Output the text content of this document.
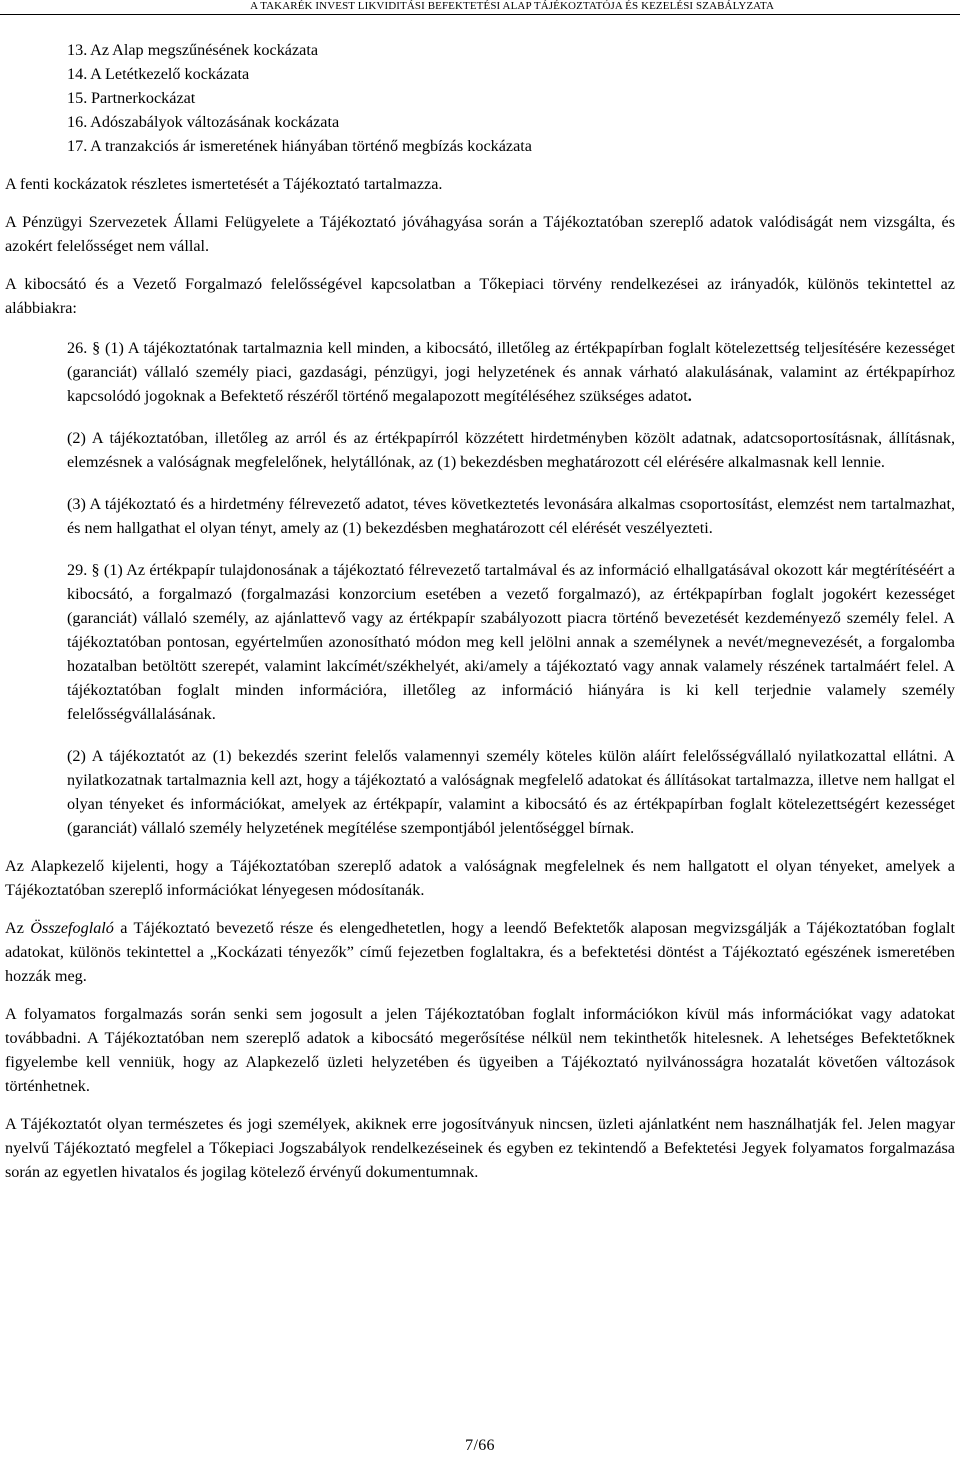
A TAKARÉK INVEST LIKVIDITÁSI BEFEKTETÉSI ALAP TÁJÉKOZTATÓJA ÉS KEZELÉSI SZABÁLYZATA
13. Az Alap megszűnésének kockázata
14. A Letétkezelő kockázata
15. Partnerkockázat
16. Adószabályok változásának kockázata
17. A tranzakciós ár ismeretének hiányában történő megbízás kockázata

A fenti kockázatok részletes ismertetését a Tájékoztató tartalmazza.

A Pénzügyi Szervezetek Állami Felügyelete a Tájékoztató jóváhagyása során a Tájékoztatóban szereplő adatok valódiságát nem vizsgálta, és azokért felelősséget nem vállal.

A kibocsátó és a Vezető Forgalmazó felelősségével kapcsolatban a Tőkepiaci törvény rendelkezései az irányadók, különös tekintettel az alábbiakra:

26. § (1) A tájékoztatónak tartalmaznia kell minden, a kibocsátó, illetőleg az értékpapírban foglalt kötelezettség teljesítésére kezességet (garanciát) vállaló személy piaci, gazdasági, pénzügyi, jogi helyzetének és annak várható alakulásának, valamint az értékpapírhoz kapcsolódó jogoknak a Befektető részéről történő megalapozott megítéléséhez szükséges adatot.

(2) A tájékoztatóban, illetőleg az arról és az értékpapírról közzétett hirdetményben közölt adatnak, adatcsoportosításnak, állításnak, elemzésnek a valóságnak megfelelőnek, helytállónak, az (1) bekezdésben meghatározott cél elérésére alkalmasnak kell lennie.

(3) A tájékoztató és a hirdetmény félrevezető adatot, téves következtetés levonására alkalmas csoportosítást, elemzést nem tartalmazhat, és nem hallgathat el olyan tényt, amely az (1) bekezdésben meghatározott cél elérését veszélyezteti.

29. § (1) Az értékpapír tulajdonosának a tájékoztató félrevezető tartalmával és az információ elhallgatásával okozott kár megtérítéséért a kibocsátó, a forgalmazó (forgalmazási konzorcium esetében a vezető forgalmazó), az értékpapírban foglalt jogokért kezességet (garanciát) vállaló személy, az ajánlattevő vagy az értékpapír szabályozott piacra történő bevezetését kezdeményező személy felel. A tájékoztatóban pontosan, egyértelműen azonosítható módon meg kell jelölni annak a személynek a nevét/megnevezését, a forgalomba hozatalban betöltött szerepét, valamint lakcímét/székhelyét, aki/amely a tájékoztató vagy annak valamely részének tartalmáért felel. A tájékoztatóban foglalt minden információra, illetőleg az információ hiányára is ki kell terjednie valamely személy felelősségvállalásának.

(2) A tájékoztatót az (1) bekezdés szerint felelős valamennyi személy köteles külön aláírt felelősségvállaló nyilatkozattal ellátni. A nyilatkozatnak tartalmaznia kell azt, hogy a tájékoztató a valóságnak megfelelő adatokat és állításokat tartalmazza, illetve nem hallgat el olyan tényeket és információkat, amelyek az értékpapír, valamint a kibocsátó és az értékpapírban foglalt kötelezettségért kezességet (garanciát) vállaló személy helyzetének megítélése szempontjából jelentőséggel bírnak.

Az Alapkezelő kijelenti, hogy a Tájékoztatóban szereplő adatok a valóságnak megfelelnek és nem hallgatott el olyan tényeket, amelyek a Tájékoztatóban szereplő információkat lényegesen módosítanák.

Az Összefoglaló a Tájékoztató bevezető része és elengedhetetlen, hogy a leendő Befektetők alaposan megvizsgálják a Tájékoztatóban foglalt adatokat, különös tekintettel a „Kockázati tényezők” című fejezetben foglaltakra, és a befektetési döntést a Tájékoztató egészének ismeretében hozzák meg.

A folyamatos forgalmazás során senki sem jogosult a jelen Tájékoztatóban foglalt információkon kívül más információkat vagy adatokat továbbadni. A Tájékoztatóban nem szereplő adatok a kibocsátó megerősítése nélkül nem tekinthetők hitelesnek. A lehetséges Befektetőknek figyelembe kell venniük, hogy az Alapkezelő üzleti helyzetében és ügyeiben a Tájékoztató nyilvánosságra hozatalát követően változások történhetnek.

A Tájékoztatót olyan természetes és jogi személyek, akiknek erre jogosítványuk nincsen, üzleti ajánlatként nem használhatják fel. Jelen magyar nyelvű Tájékoztató megfelel a Tőkepiaci Jogszabályok rendelkezéseinek és egyben ez tekintendő a Befektetési Jegyek folyamatos forgalmazása során az egyetlen hivatalos és jogilag kötelező érvényű dokumentumnak.

7/66
